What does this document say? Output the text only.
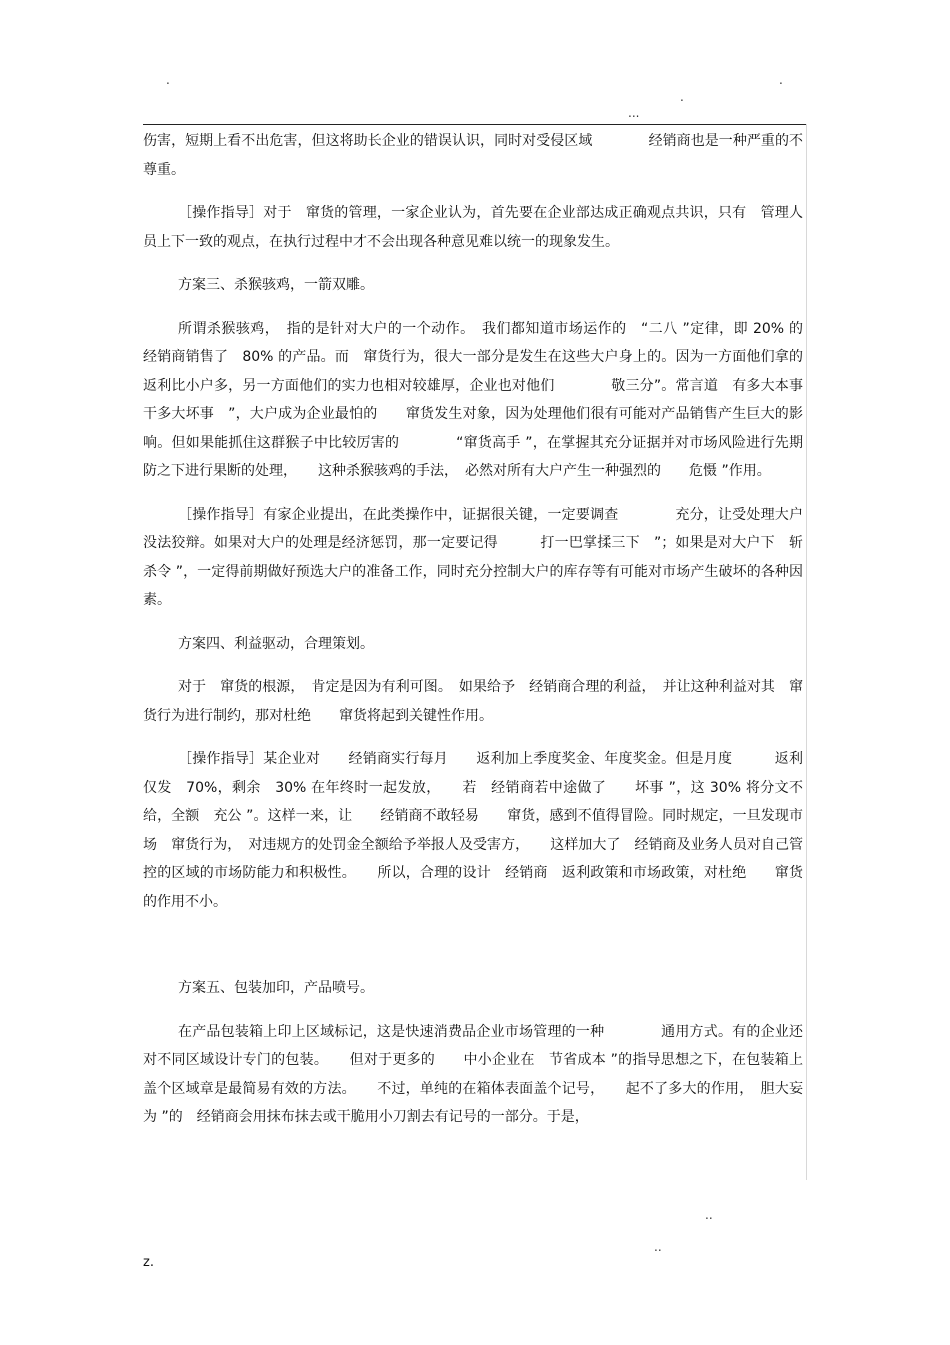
.
.
.
...

伤害，短期上看不出危害，但这将助长企业的错误认识，同时对受侵区域　　　　经销商也是一种严重的不尊重。

［操作指导］对于　窜货的管理，一家企业认为，首先要在企业部达成正确观点共识，只有　管理人员上下一致的观点，在执行过程中才不会出现各种意见难以统一的现象发生。

方案三、杀猴骇鸡，一箭双雕。

所谓杀猴骇鸡，　指的是针对大户的一个动作。　我们都知道市场运作的　“二八 ”定律，即 20% 的　经销商销售了　80% 的产品。而　窜货行为，很大一部分是发生在这些大户身上的。因为一方面他们拿的　返利比小户多，另一方面他们的实力也相对较雄厚，企业也对他们　　　　敬三分”。常言道　有多大本事干多大坏事　”，大户成为企业最怕的　　窜货发生对象，因为处理他们很有可能对产品销售产生巨大的影响。但如果能抓住这群猴子中比较厉害的　　　　“窜货高手 ”，在掌握其充分证据并对市场风险进行先期防之下进行果断的处理，　　这种杀猴骇鸡的手法，　必然对所有大户产生一种强烈的　　危慑 ”作用。

［操作指导］有家企业提出，在此类操作中，证据很关键，一定要调查　　　　充分，让受处理大户没法狡辩。如果对大户的处理是经济惩罚，那一定要记得　　　打一巴掌揉三下　”；如果是对大户下　斩杀令 ”，一定得前期做好预选大户的准备工作，同时充分控制大户的库存等有可能对市场产生破坏的各种因素。

方案四、利益驱动，合理策划。

对于　窜货的根源，　肯定是因为有利可图。　如果给予　经销商合理的利益，　并让这种利益对其　窜货行为进行制约，那对杜绝　　窜货将起到关键性作用。

［操作指导］某企业对　　经销商实行每月　　返利加上季度奖金、年度奖金。但是月度　　　返利仅发　70%，剩余　30% 在年终时一起发放，　　若　经销商若中途做了　　坏事 ”，这 30% 将分文不给，全额　充公 ”。这样一来，让　　经销商不敢轻易　　窜货，感到不值得冒险。同时规定，一旦发现市场　窜货行为，　对违规方的处罚金全额给予举报人及受害方，　　这样加大了　经销商及业务人员对自己管控的区域的市场防能力和积极性。　　所以，合理的设计　经销商　返利政策和市场政策，对杜绝　　窜货的作用不小。

方案五、包装加印，产品喷号。

在产品包装箱上印上区域标记，这是快速消费品企业市场管理的一种　　　　通用方式。有的企业还对不同区域设计专门的包装。　　但对于更多的　　中小企业在　节省成本 ”的指导思想之下，在包装箱上盖个区域章是最简易有效的方法。　　不过，单纯的在箱体表面盖个记号，　　起不了多大的作用，　胆大妄为 ”的　经销商会用抹布抹去或干脆用小刀割去有记号的一部分。于是，

..
..
z.
